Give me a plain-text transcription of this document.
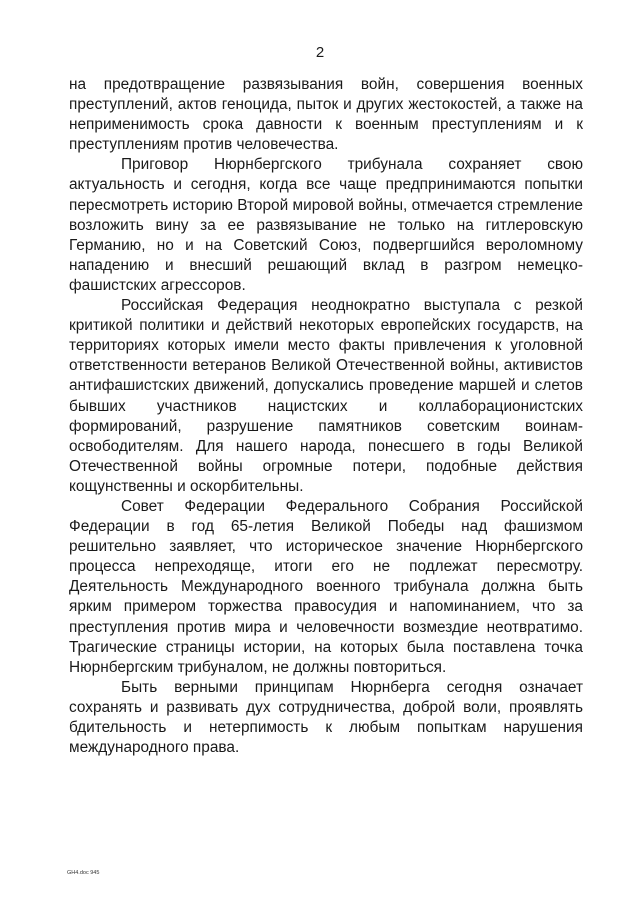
2

на предотвращение развязывания войн, совершения военных преступлений, актов геноцида, пыток и других жестокостей, а также на неприменимость срока давности к военным преступлениям и к преступлениям против человечества.

Приговор Нюрнбергского трибунала сохраняет свою актуальность и сегодня, когда все чаще предпринимаются попытки пересмотреть историю Второй мировой войны, отмечается стремление возложить вину за ее развязывание не только на гитлеровскую Германию, но и на Советский Союз, подвергшийся вероломному нападению и внесший решающий вклад в разгром немецко-фашистских агрессоров.

Российская Федерация неоднократно выступала с резкой критикой политики и действий некоторых европейских государств, на территориях которых имели место факты привлечения к уголовной ответственности ветеранов Великой Отечественной войны, активистов антифашистских движений, допускались проведение маршей и слетов бывших участников нацистских и коллаборационистских формирований, разрушение памятников советским воинам-освободителям. Для нашего народа, понесшего в годы Великой Отечественной войны огромные потери, подобные действия кощунственны и оскорбительны.

Совет Федерации Федерального Собрания Российской Федерации в год 65-летия Великой Победы над фашизмом решительно заявляет, что историческое значение Нюрнбергского процесса непреходяще, итоги его не подлежат пересмотру. Деятельность Международного военного трибунала должна быть ярким примером торжества правосудия и напоминанием, что за преступления против мира и человечности возмездие неотвратимо. Трагические страницы истории, на которых была поставлена точка Нюрнбергским трибуналом, не должны повториться.

Быть верными принципам Нюрнберга сегодня означает сохранять и развивать дух сотрудничества, доброй воли, проявлять бдительность и нетерпимость к любым попыткам нарушения международного права.

GH4.doc 945
